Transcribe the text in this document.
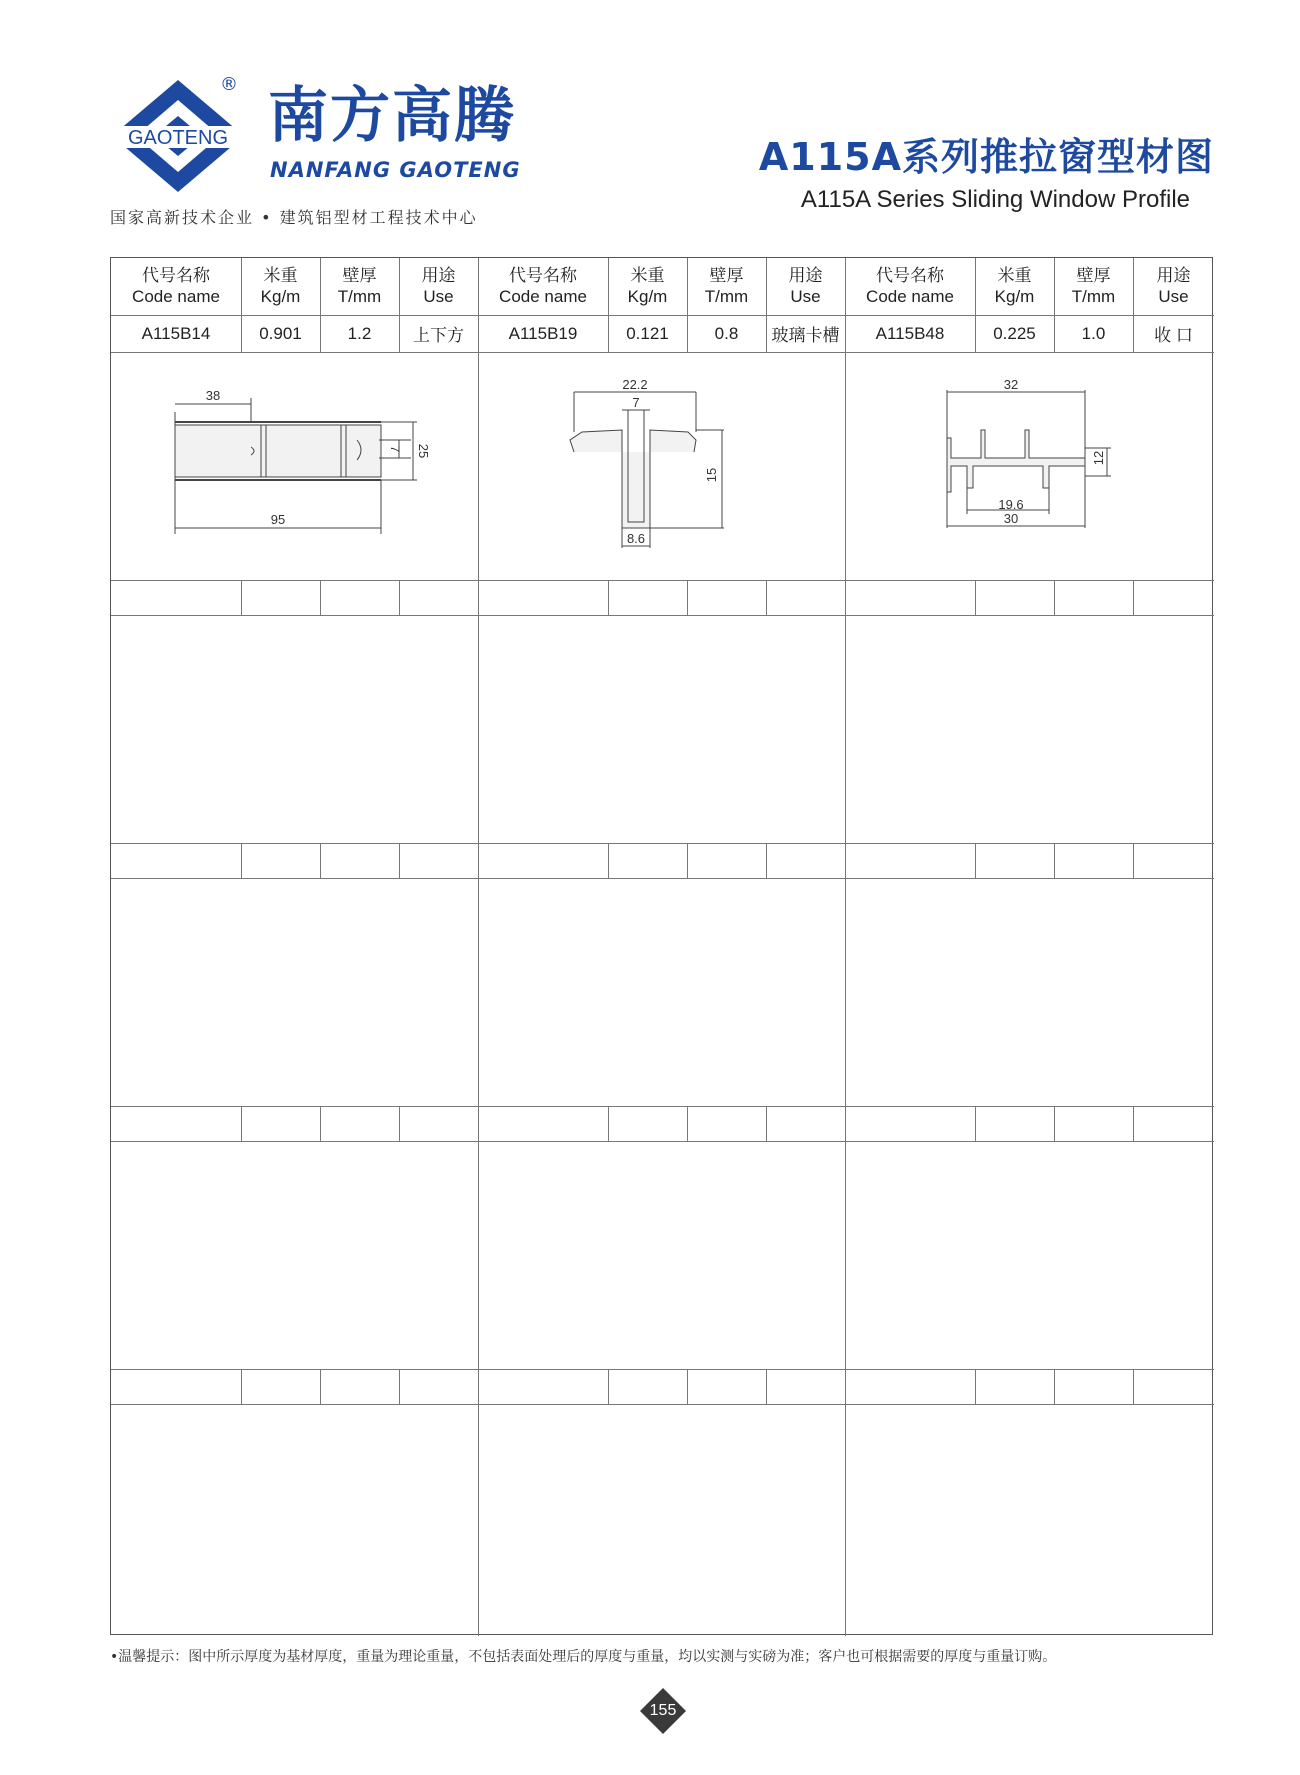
GAOTENG
® 南方高腾
NANFANG GAOTENG
国家高新技术企业 • 建筑铝型材工程技术中心
A115A系列推拉窗型材图
A115A Series Sliding Window Profile
代号名称
Code name
A115B14
米重
Kg/m
0.901
壁厚
T/mm
1.2
用途
Use
上下方
代号名称
Code name
A115B19
米重
Kg/m
0.121
壁厚
T/mm
0.8
用途
Use
玻璃卡槽
代号名称
Code name
A115B48
米重
Kg/m
0.225
壁厚
T/mm
1.0
用途
Use
收 口
38
95
7 25
22.2
7
15
8.6
32
12
19.6
30
•温馨提示：图中所示厚度为基材厚度，重量为理论重量，不包括表面处理后的厚度与重量，均以实测与实磅为准；客户也可根据需要的厚度与重量订购。
155
